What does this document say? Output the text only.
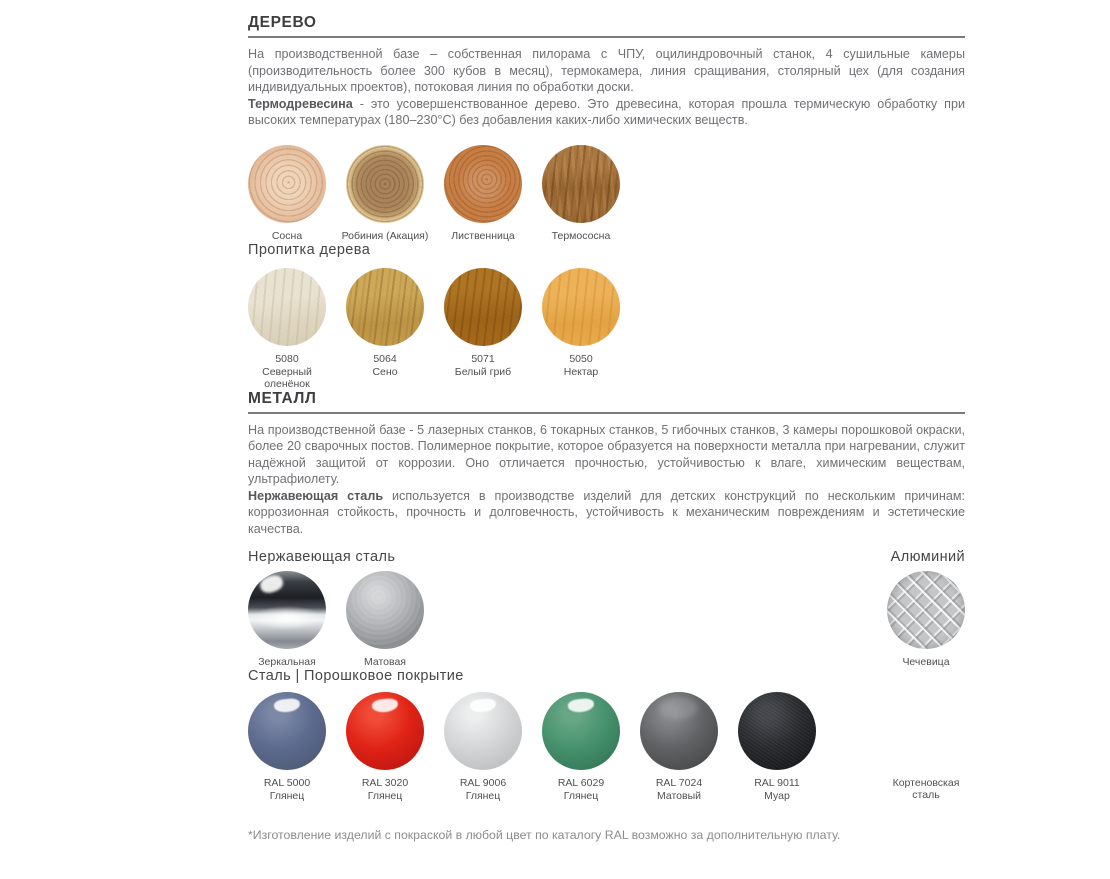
ДЕРЕВО

На производственной базе – собственная пилорама с ЧПУ, оцилиндровочный станок, 4 сушильные камеры (производительность более 300 кубов в месяц), термокамера, линия сращивания, столярный цех (для создания индивидуальных проектов), потоковая линия по обработки доски.

Термодревесина - это усовершенствованное дерево. Это древесина, которая прошла термическую обработку при высоких температурах (180–230°С) без добавления каких-либо химических веществ.

Сосна	Робиния (Акация)	Лиственница	Термососна
Пропитка дерева
5080
Северный оленёнок
5064
Сено
5071
Белый гриб
5050
Нектар
МЕТАЛЛ

На производственной базе - 5 лазерных станков, 6 токарных станков, 5 гибочных станков, 3 камеры порошковой окраски, более 20 сварочных постов. Полимерное покрытие, которое образуется на поверхности металла при нагревании, служит надёжной защитой от коррозии. Оно отличается прочностью, устойчивостью к влаге, химическим веществам, ультрафиолету.

Нержавеющая сталь используется в производстве изделий для детских конструкций по нескольким причинам: коррозионная стойкость, прочность и долговечность, устойчивость к механическим повреждениям и эстетические качества.

Нержавеющая сталь	Алюминий
Зеркальная	Матовая	Чечевица
Сталь | Порошковое покрытие
RAL 5000
Глянец
RAL 3020
Глянец
RAL 9006
Глянец
RAL 6029
Глянец
RAL 7024
Матовый
RAL 9011
Муар
Кортеновская сталь

*Изготовление изделий с покраской в любой цвет по каталогу RAL возможно за дополнительную плату.
